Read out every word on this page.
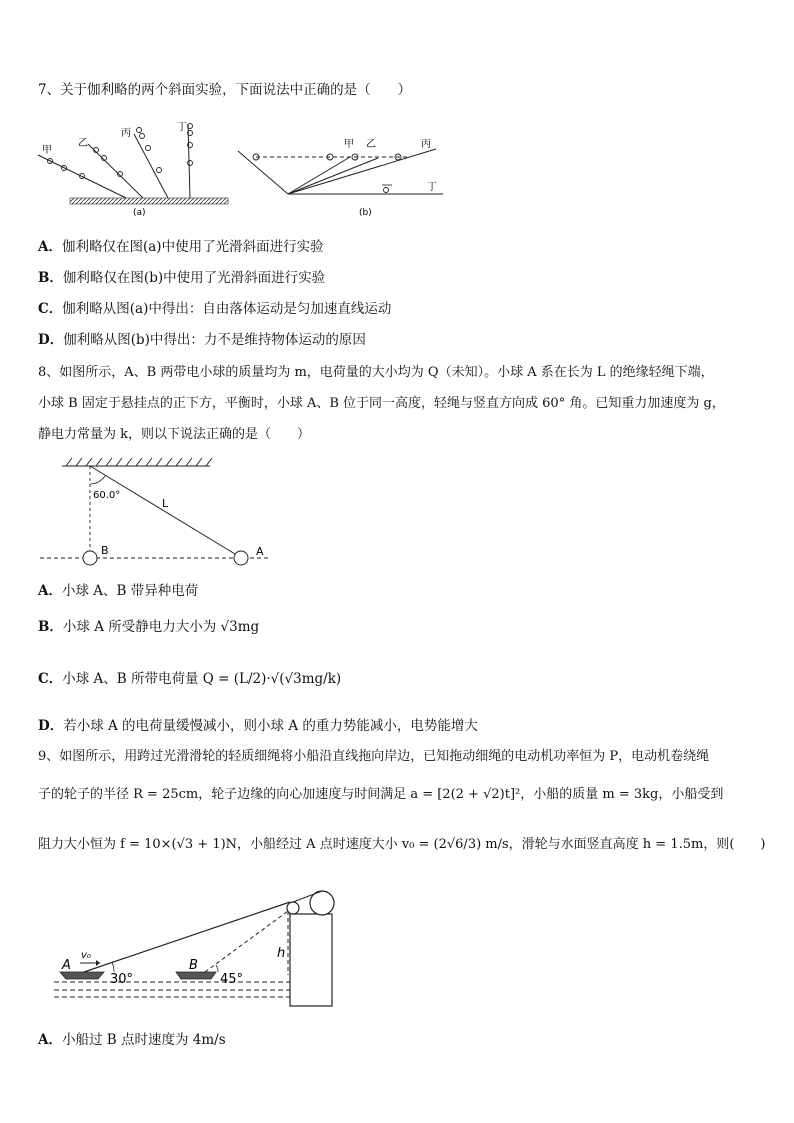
7、关于伽利略的两个斜面实验，下面说法中正确的是（　　）
甲
乙
丙
丁
(a)
甲 乙	丙
丁
(b)
A．伽利略仅在图(a)中使用了光滑斜面进行实验
B．伽利略仅在图(b)中使用了光滑斜面进行实验
C．伽利略从图(a)中得出：自由落体运动是匀加速直线运动
D．伽利略从图(b)中得出：力不是维持物体运动的原因
8、如图所示，A、B 两带电小球的质量均为 m，电荷量的大小均为 Q（未知）。小球 A 系在长为 L 的绝缘轻绳下端，
小球 B 固定于悬挂点的正下方，平衡时，小球 A、B 位于同一高度，轻绳与竖直方向成 60° 角。已知重力加速度为 g，
静电力常量为 k，则以下说法正确的是（　　）
60.0°
L
B	A
A．小球 A、B 带异种电荷
B．小球 A 所受静电力大小为 √3mg
C．小球 A、B 所带电荷量 Q = (L/2)·√(√3mg/k)
D．若小球 A 的电荷量缓慢减小，则小球 A 的重力势能减小，电势能增大
9、如图所示，用跨过光滑滑轮的轻质细绳将小船沿直线拖向岸边，已知拖动细绳的电动机功率恒为 P，电动机卷绕绳
子的轮子的半径 R = 25cm，轮子边缘的向心加速度与时间满足 a = [2(2 + √2)t]²，小船的质量 m = 3kg，小船受到
阻力大小恒为 f = 10×(√3 + 1)N，小船经过 A 点时速度大小 v₀ = (2√6/3) m/s，滑轮与水面竖直高度 h = 1.5m，则(　　)
A
v₀
30°
B
45°
h
A．小船过 B 点时速度为 4m/s
